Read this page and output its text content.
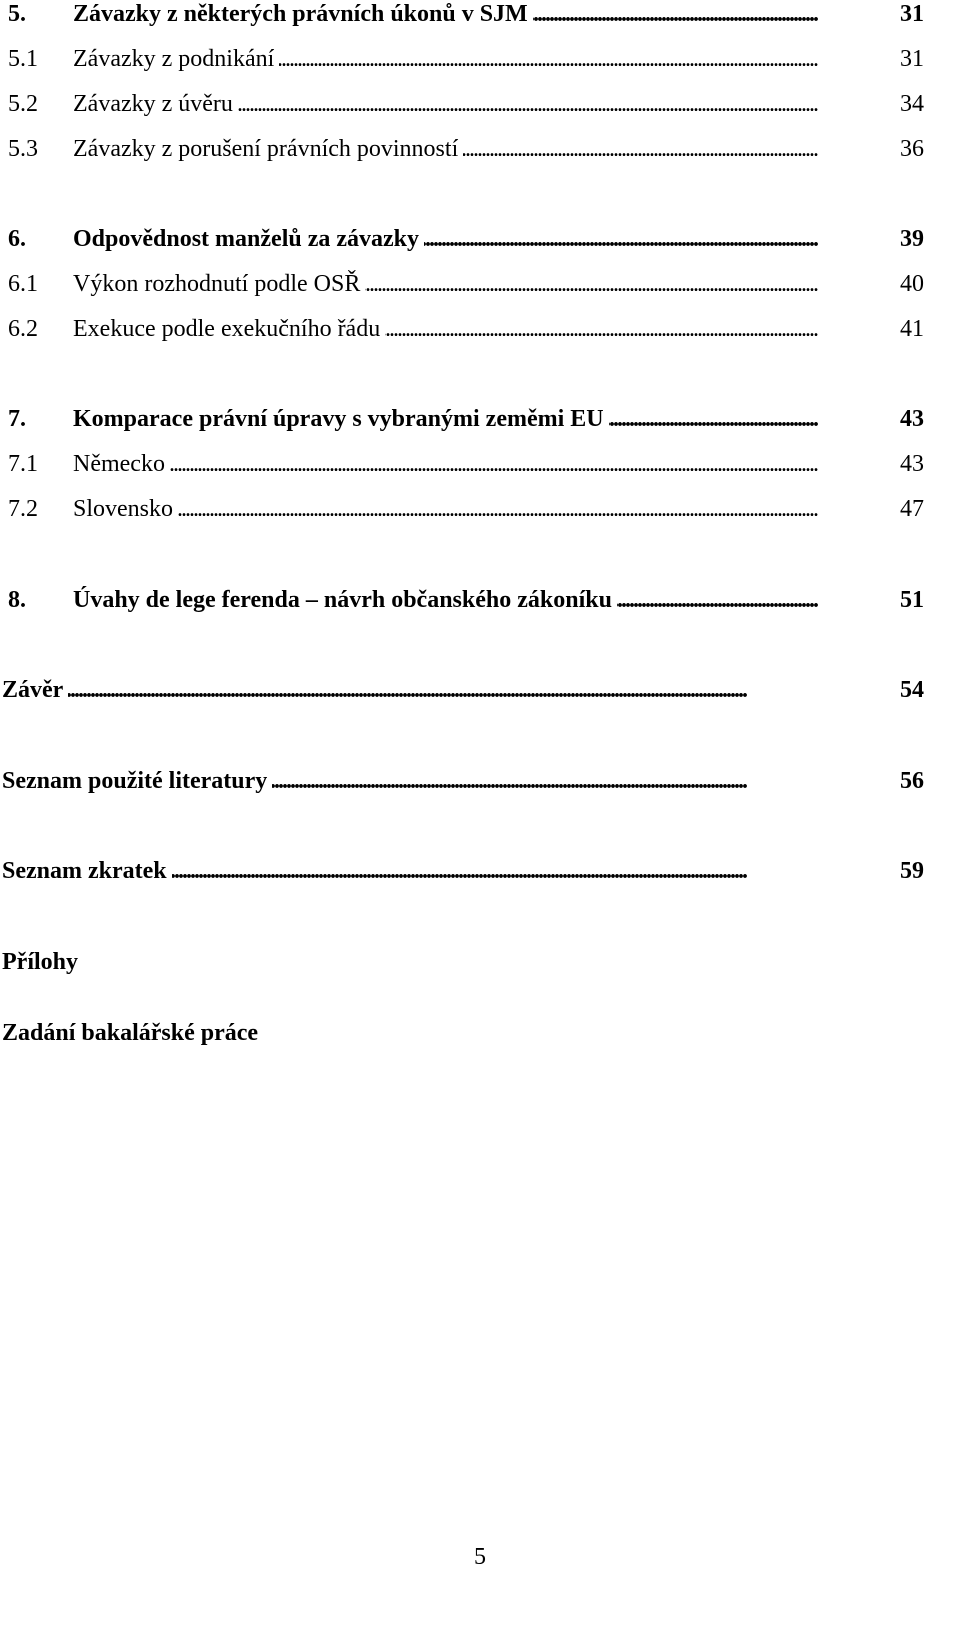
5. Závazky z některých právních úkonů v SJM . . .	31
5.1 Závazky z podnikání . . .	31
5.2 Závazky z úvěru . . .	34
5.3 Závazky z porušení právních povinností . . .	36
6. Odpovědnost manželů za závazky . . .	39
6.1 Výkon rozhodnutí podle OSŘ . . .	40
6.2 Exekuce podle exekučního řádu . . .	41
7. Komparace právní úpravy s vybranými zeměmi EU . . .	43
7.1 Německo . . .	43
7.2 Slovensko . . .	47
8. Úvahy de lege ferenda – návrh občanského zákoníku . . .	51
Závěr . . .	54
Seznam použité literatury . . .	56
Seznam zkratek . . .	59
Přílohy
Zadání bakalářské práce
5
